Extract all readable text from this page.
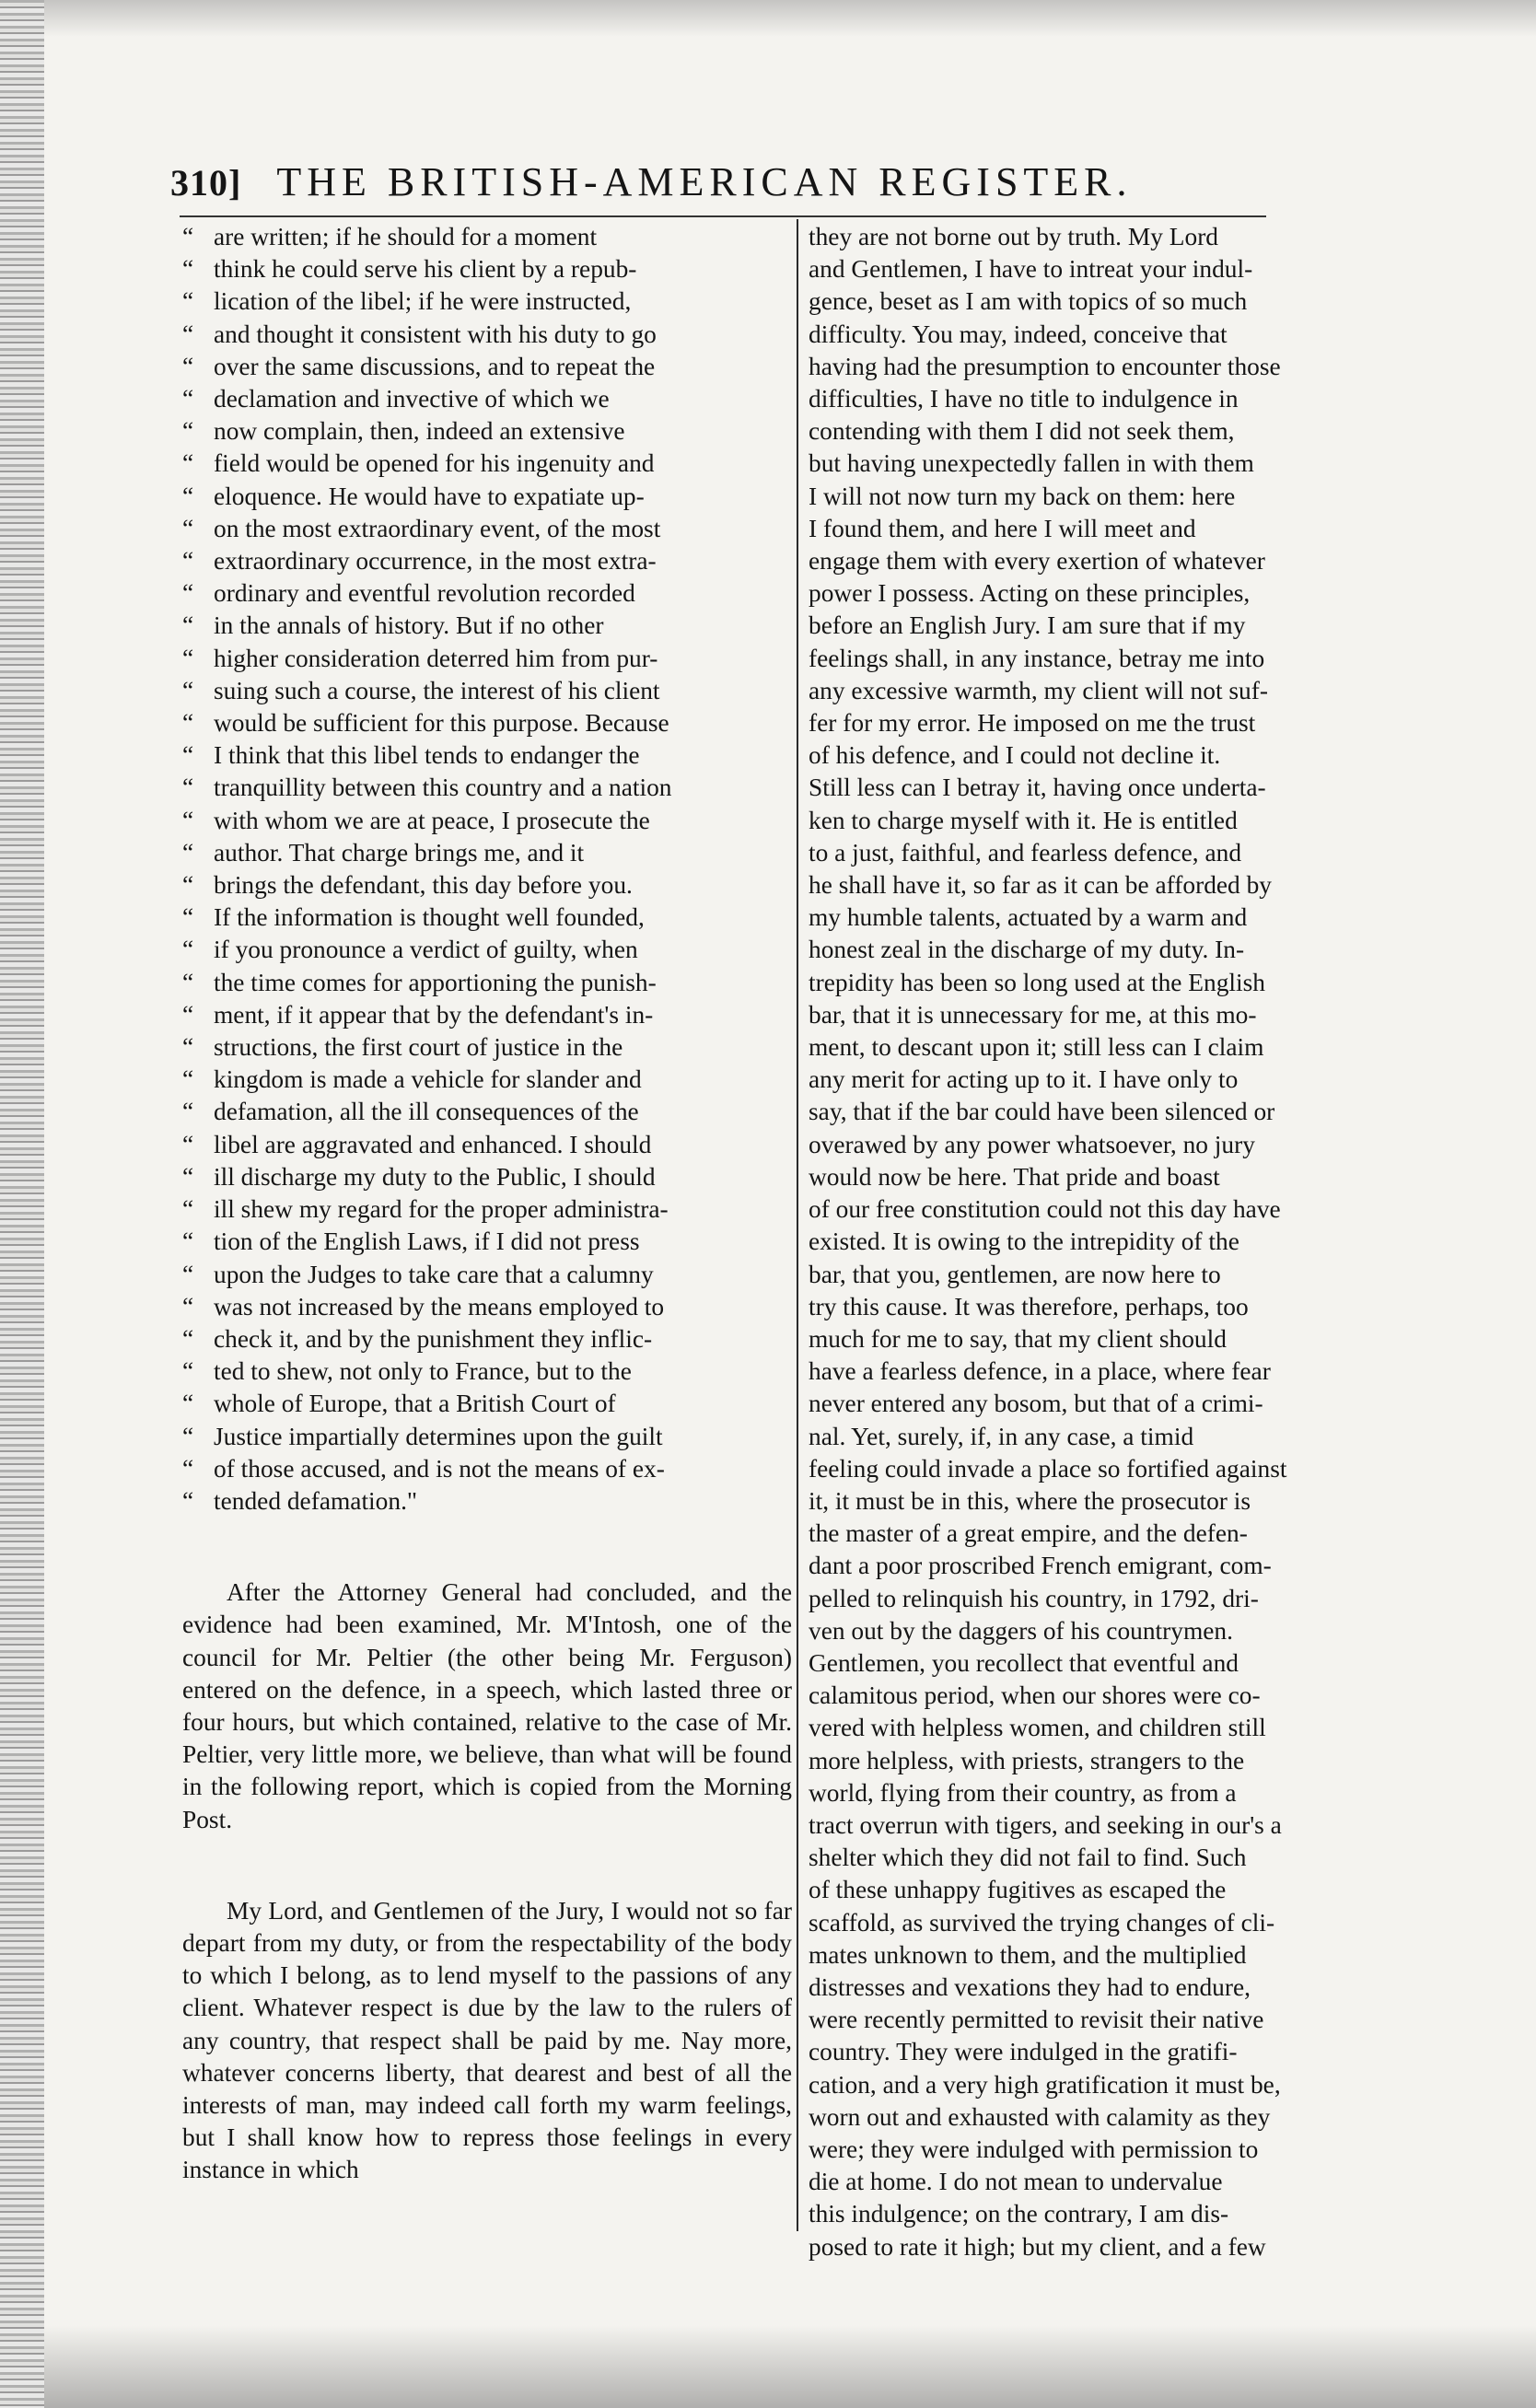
310] THE BRITISH-AMERICAN REGISTER.
“ are written; if he should for a moment
“ think he could serve his client by a repub-
“ lication of the libel; if he were instructed,
“ and thought it consistent with his duty to go
“ over the same discussions, and to repeat the
“ declamation and invective of which we
“ now complain, then, indeed an extensive
“ field would be opened for his ingenuity and
“ eloquence. He would have to expatiate up-
“ on the most extraordinary event, of the most
“ extraordinary occurrence, in the most extra-
“ ordinary and eventful revolution recorded
“ in the annals of history. But if no other
“ higher consideration deterred him from pur-
“ suing such a course, the interest of his client
“ would be sufficient for this purpose. Because
“ I think that this libel tends to endanger the
“ tranquillity between this country and a nation
“ with whom we are at peace, I prosecute the
“ author. That charge brings me, and it
“ brings the defendant, this day before you.
“ If the information is thought well founded,
“ if you pronounce a verdict of guilty, when
“ the time comes for apportioning the punish-
“ ment, if it appear that by the defendant's in-
“ structions, the first court of justice in the
“ kingdom is made a vehicle for slander and
“ defamation, all the ill consequences of the
“ libel are aggravated and enhanced. I should
“ ill discharge my duty to the Public, I should
“ ill shew my regard for the proper administra-
“ tion of the English Laws, if I did not press
“ upon the Judges to take care that a calumny
“ was not increased by the means employed to
“ check it, and by the punishment they inflic-
“ ted to shew, not only to France, but to the
“ whole of Europe, that a British Court of
“ Justice impartially determines upon the guilt
“ of those accused, and is not the means of ex-
“ tended defamation."

After the Attorney General had concluded, and the evidence had been examined, Mr. M'Intosh, one of the council for Mr. Peltier (the other being Mr. Ferguson) entered on the defence, in a speech, which lasted three or four hours, but which contained, relative to the case of Mr. Peltier, very little more, we believe, than what will be found in the following report, which is copied from the Morning Post.

My Lord, and Gentlemen of the Jury, I would not so far depart from my duty, or from the respectability of the body to which I belong, as to lend myself to the passions of any client. Whatever respect is due by the law to the rulers of any country, that respect shall be paid by me. Nay more, whatever concerns liberty, that dearest and best of all the interests of man, may indeed call forth my warm feelings, but I shall know how to repress those feelings in every instance in which

they are not borne out by truth. My Lord
and Gentlemen, I have to intreat your indul-
gence, beset as I am with topics of so much
difficulty. You may, indeed, conceive that
having had the presumption to encounter those
difficulties, I have no title to indulgence in
contending with them I did not seek them,
but having unexpectedly fallen in with them
I will not now turn my back on them: here
I found them, and here I will meet and
engage them with every exertion of whatever
power I possess. Acting on these principles,
before an English Jury. I am sure that if my
feelings shall, in any instance, betray me into
any excessive warmth, my client will not suf-
fer for my error. He imposed on me the trust
of his defence, and I could not decline it.
Still less can I betray it, having once underta-
ken to charge myself with it. He is entitled
to a just, faithful, and fearless defence, and
he shall have it, so far as it can be afforded by
my humble talents, actuated by a warm and
honest zeal in the discharge of my duty. In-
trepidity has been so long used at the English
bar, that it is unnecessary for me, at this mo-
ment, to descant upon it; still less can I claim
any merit for acting up to it. I have only to
say, that if the bar could have been silenced or
overawed by any power whatsoever, no jury
would now be here. That pride and boast
of our free constitution could not this day have
existed. It is owing to the intrepidity of the
bar, that you, gentlemen, are now here to
try this cause. It was therefore, perhaps, too
much for me to say, that my client should
have a fearless defence, in a place, where fear
never entered any bosom, but that of a crimi-
nal. Yet, surely, if, in any case, a timid
feeling could invade a place so fortified against
it, it must be in this, where the prosecutor is
the master of a great empire, and the defen-
dant a poor proscribed French emigrant, com-
pelled to relinquish his country, in 1792, dri-
ven out by the daggers of his countrymen.
Gentlemen, you recollect that eventful and
calamitous period, when our shores were co-
vered with helpless women, and children still
more helpless, with priests, strangers to the
world, flying from their country, as from a
tract overrun with tigers, and seeking in our's a
shelter which they did not fail to find. Such
of these unhappy fugitives as escaped the
scaffold, as survived the trying changes of cli-
mates unknown to them, and the multiplied
distresses and vexations they had to endure,
were recently permitted to revisit their native
country. They were indulged in the gratifi-
cation, and a very high gratification it must be,
worn out and exhausted with calamity as they
were; they were indulged with permission to
die at home. I do not mean to undervalue
this indulgence; on the contrary, I am dis-
posed to rate it high; but my client, and a few
